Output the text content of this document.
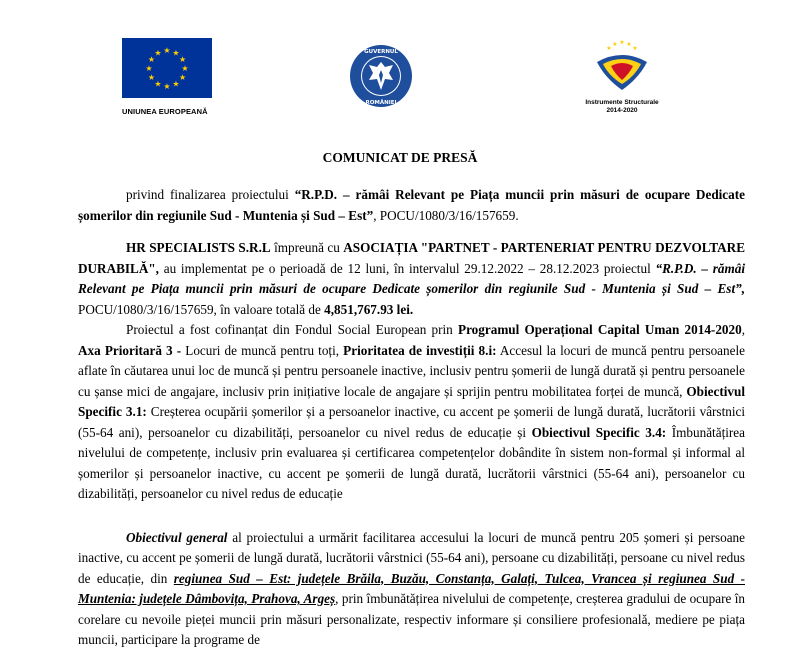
★ ★
★
★
★
★
★
★
★
★
★
★
UNIUNEA EUROPEANĂ
GUVERNUL
ROMÂNIEI
★
★ ★ ★
★
Instrumente Structurale
2014-2020
COMUNICAT DE PRESĂ

privind finalizarea proiectului “R.P.D. – rămâi Relevant pe Piața muncii prin măsuri de ocupare Dedicate șomerilor din regiunile Sud - Muntenia și Sud – Est”, POCU/1080/3/16/157659.

HR SPECIALISTS S.R.L împreună cu ASOCIAȚIA "PARTNET - PARTENERIAT PENTRU DEZVOLTARE DURABILĂ", au implementat pe o perioadă de 12 luni, în intervalul 29.12.2022 – 28.12.2023 proiectul “R.P.D. – rămâi Relevant pe Piața muncii prin măsuri de ocupare Dedicate șomerilor din regiunile Sud - Muntenia și Sud – Est”, POCU/1080/3/16/157659, în valoare totală de 4,851,767.93 lei.

Proiectul a fost cofinanțat din Fondul Social European prin Programul Operațional Capital Uman 2014-2020, Axa Prioritară 3 - Locuri de muncă pentru toți, Prioritatea de investiții 8.i: Accesul la locuri de muncă pentru persoanele aflate în căutarea unui loc de muncă și pentru persoanele inactive, inclusiv pentru șomerii de lungă durată și pentru persoanele cu șanse mici de angajare, inclusiv prin inițiative locale de angajare și sprijin pentru mobilitatea forței de muncă, Obiectivul Specific 3.1: Creșterea ocupării șomerilor și a persoanelor inactive, cu accent pe șomerii de lungă durată, lucrătorii vârstnici (55-64 ani), persoanelor cu dizabilități, persoanelor cu nivel redus de educație și Obiectivul Specific 3.4: Îmbunătățirea nivelului de competențe, inclusiv prin evaluarea și certificarea competențelor dobândite în sistem non-formal și informal al șomerilor și persoanelor inactive, cu accent pe șomerii de lungă durată, lucrătorii vârstnici (55-64 ani), persoanelor cu dizabilități, persoanelor cu nivel redus de educație

Obiectivul general al proiectului a urmărit facilitarea accesului la locuri de muncă pentru 205 șomeri și persoane inactive, cu accent pe șomerii de lungă durată, lucrătorii vârstnici (55-64 ani), persoane cu dizabilități, persoane cu nivel redus de educație, din regiunea Sud – Est: județele Brăila, Buzău, Constanța, Galați, Tulcea, Vrancea și regiunea Sud - Muntenia: județele Dâmbovița, Prahova, Argeș, prin îmbunătățirea nivelului de competențe, creșterea gradului de ocupare în corelare cu nevoile pieței muncii prin măsuri personalizate, respectiv informare și consiliere profesională, mediere pe piața muncii, participare la programe de
